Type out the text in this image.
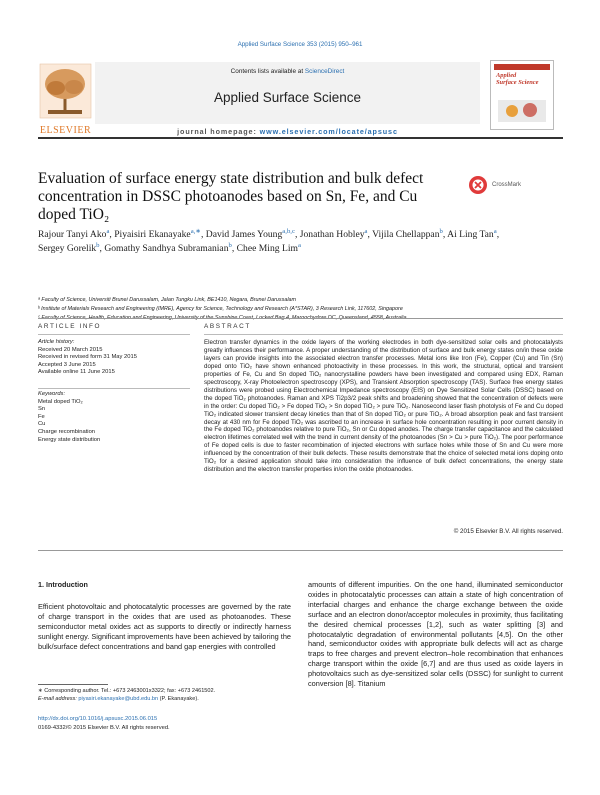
Applied Surface Science 353 (2015) 950–961
Contents lists available at ScienceDirect
Applied Surface Science
journal homepage: www.elsevier.com/locate/apsusc
ELSEVIER
Applied
Surface Science
Evaluation of surface energy state distribution and bulk defect concentration in DSSC photoanodes based on Sn, Fe, and Cu doped TiO₂
CrossMark
Rajour Tanyi Ako$^a$, Piyaisiri Ekanayake$^{a,∗}$, David James Young$^{a,b,c}$, Jonathan Hobley$^a$, Vijila Chellappan$^b$, Ai Ling Tan$^a$, Sergey Gorelik$^b$, Gomathy Sandhya Subramanian$^b$, Chee Ming Lim$^a$
ᵃ Faculty of Science, Universiti Brunei Darussalam, Jalan Tungku Link, BE1410, Negara, Brunei Darussalam
ᵇ Institute of Materials Research and Engineering (IMRE), Agency for Science, Technology and Research (A*STAR), 3 Research Link, 117602, Singapore
ᶜ Faculty of Science, Health, Education and Engineering, University of the Sunshine Coast, Locked Bag 4, Maroochydore DC, Queensland, 4558, Australia
ARTICLE INFO	ABSTRACT
Article history:
Received 20 March 2015
Received in revised form 31 May 2015
Accepted 3 June 2015
Available online 11 June 2015
Keywords:
Metal doped TiO₂
Sn
Fe
Cu
Charge recombination
Energy state distribution
Electron transfer dynamics in the oxide layers of the working electrodes in both dye-sensitized solar cells and photocatalysts greatly influences their performance. A proper understanding of the distribution of surface and bulk energy states on/in these oxide layers can provide insights into the associated electron transfer processes. Metal ions like Iron (Fe), Copper (Cu) and Tin (Sn) doped onto TiO₂ have shown enhanced photoactivity in these processes. In this work, the structural, optical and transient properties of Fe, Cu and Sn doped TiO₂ nanocrystalline powders have been investigated and compared using EDX, Raman spectroscopy, X-ray Photoelectron spectroscopy (XPS), and Transient Absorption spectroscopy (TAS). Surface free energy states distributions were probed using Electrochemical Impedance spectroscopy (EIS) on Dye Sensitized Solar Cells (DSSC) based on the doped TiO₂ photoanodes. Raman and XPS Ti2p3/2 peak shifts and broadening showed that the concentration of defects were in the order: Cu doped TiO₂ > Fe doped TiO₂ > Sn doped TiO₂ > pure TiO₂. Nanosecond laser flash photolysis of Fe and Cu doped TiO₂ indicated slower transient decay kinetics than that of Sn doped TiO₂ or pure TiO₂. A broad absorption peak and fast transient decay at 430 nm for Fe doped TiO₂ was ascribed to an increase in surface hole concentration resulting in poor current density in the Fe doped TiO₂ photoanodes relative to pure TiO₂, Sn or Cu doped anodes. The charge transfer capacitance and the calculated electron lifetimes correlated well with the trend in current density of the photoanodes (Sn > Cu > pure TiO₂). The poor performance of Fe doped cells is due to faster recombination of injected electrons with surface holes while those of Sn and Cu were more influenced by the concentration of their bulk defects. These results demonstrate that the choice of selected metal ions doping onto TiO₂ for a desired application should take into consideration the influence of bulk defect concentrations, the energy state distribution and the electron transfer properties in/on the oxide photoanodes.
© 2015 Elsevier B.V. All rights reserved.
1. Introduction
Efficient photovoltaic and photocatalytic processes are governed by the rate of charge transport in the oxides that are used as photoanodes. These semiconductor metal oxides act as supports to directly or indirectly harness sunlight energy. Significant improvements have been achieved by tailoring the bulk/surface defect concentrations and band gap energies with controlled
amounts of different impurities. On the one hand, illuminated semiconductor oxides in photocatalytic processes can attain a state of high concentration of interfacial charges and enhance the charge exchange between the oxide surface and an electron donor/acceptor molecules in proximity, thus facilitating the desired chemical processes [1,2], such as water splitting [3] and photocatalytic degradation of environmental pollutants [4,5]. On the other hand, semiconductor oxides with appropriate bulk defects will act as charge traps to free charges and prevent electron–hole recombination that enhances charge transport within the oxide [6,7] and are thus used as oxide layers in photovoltaics such as dye-sensitized solar cells (DSSC) for sunlight to current conversion [8]. Titanium
∗ Corresponding author. Tel.: +673 2463001x3322; fax: +673 2461502.
E-mail address: piyasiri.ekanayake@ubd.edu.bn (P. Ekanayake).
http://dx.doi.org/10.1016/j.apsusc.2015.06.015
0169-4332/© 2015 Elsevier B.V. All rights reserved.
